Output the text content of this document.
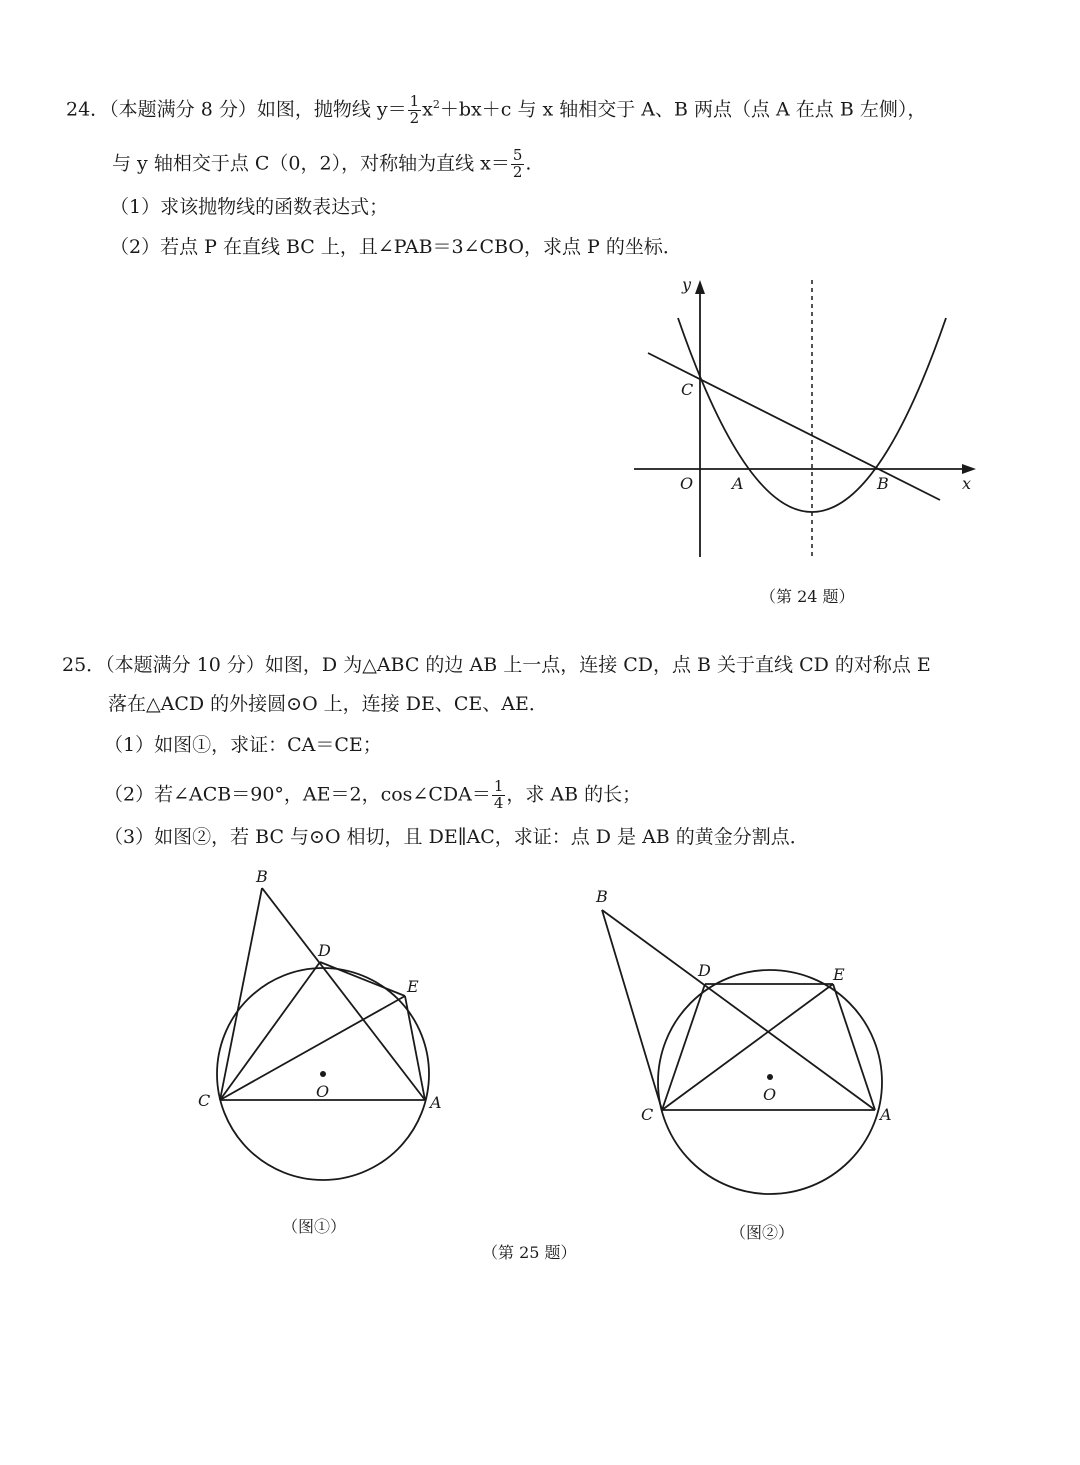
24．（本题满分 8 分）如图，抛物线 $y= \frac{1}{2} x^2+bx+c$ 与 x 轴相交于 A、B 两点（点 A 在点 B 左侧），
与 y 轴相交于点 C（0，2），对称轴为直线 $x= \frac{5}{2}$ .
（1）求该抛物线的函数表达式；
（2）若点 P 在直线 BC 上，且∠PAB＝3∠CBO，求点 P 的坐标．
y
C
O A	B	x
（第 24 题）
25．（本题满分 10 分）如图，D 为△ABC 的边 AB 上一点，连接 CD，点 B 关于直线 CD 的对称点 E
落在△ACD 的外接圆⊙O 上，连接 DE、CE、AE．
（1）如图①，求证：CA＝CE；
（2）若∠ACB＝90°，AE＝2，cos∠CDA＝ $\frac{1}{4}$ ，求 AB 的长；
（3）如图②，若 BC 与⊙O 相切，且 DE∥AC，求证：点 D 是 AB 的黄金分割点．
B
D
E
C	O
A
（图①）
B
D	E
C
O
A
（图②）
（第 25 题）
